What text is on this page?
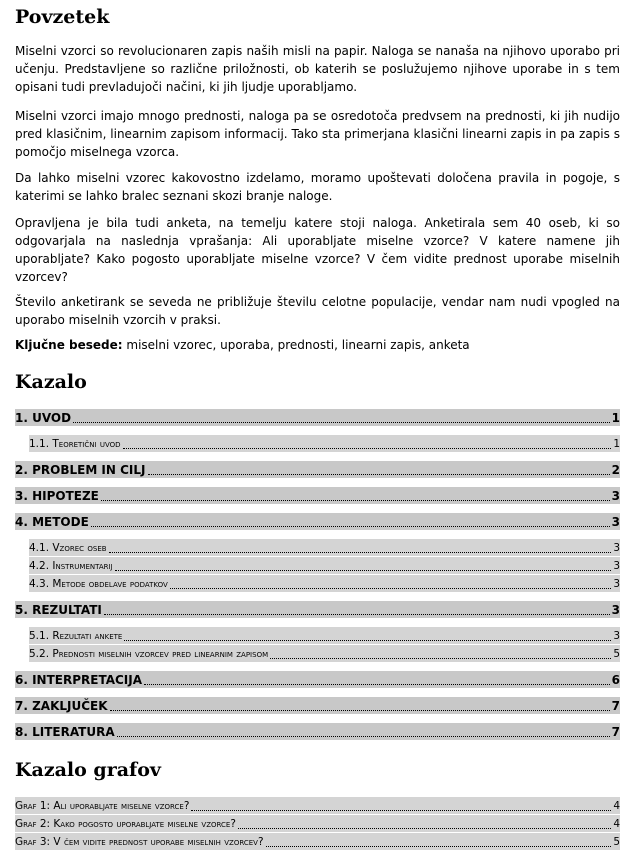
Povzetek

Miselni vzorci so revolucionaren zapis naših misli na papir. Naloga se nanaša na njihovo uporabo pri učenju. Predstavljene so različne priložnosti, ob katerih se poslužujemo njihove uporabe in s tem opisani tudi prevladujoči načini, ki jih ljudje uporabljamo.

Miselni vzorci imajo mnogo prednosti, naloga pa se osredotoča predvsem na prednosti, ki jih nudijo pred klasičnim, linearnim zapisom informacij. Tako sta primerjana klasični linearni zapis in pa zapis s pomočjo miselnega vzorca.

Da lahko miselni vzorec kakovostno izdelamo, moramo upoštevati določena pravila in pogoje, s katerimi se lahko bralec seznani skozi branje naloge.

Opravljena je bila tudi anketa, na temelju katere stoji naloga. Anketirala sem 40 oseb, ki so odgovarjala na naslednja vprašanja: Ali uporabljate miselne vzorce? V katere namene jih uporabljate? Kako pogosto uporabljate miselne vzorce? V čem vidite prednost uporabe miselnih vzorcev?

Število anketirank se seveda ne približuje številu celotne populacije, vendar nam nudi vpogled na uporabo miselnih vzorcih v praksi.

Ključne besede: miselni vzorec, uporaba, prednosti, linearni zapis, anketa

Kazalo
1. UVOD	1
1.1. Teoretični uvod	1
2. PROBLEM IN CILJ	2
3. HIPOTEZE	3
4. METODE	3
4.1. Vzorec oseb	3
4.2. Instrumentarij	3
4.3. Metode obdelave podatkov	3
5. REZULTATI	3
5.1. Rezultati ankete	3
5.2. Prednosti miselnih vzorcev pred linearnim zapisom	5
6. INTERPRETACIJA	6
7. ZAKLJUČEK	7
8. LITERATURA	7
Kazalo grafov
Graf 1: Ali uporabljate miselne vzorce?	4
Graf 2: Kako pogosto uporabljate miselne vzorce?	4
Graf 3: V čem vidite prednost uporabe miselnih vzorcev?	5
